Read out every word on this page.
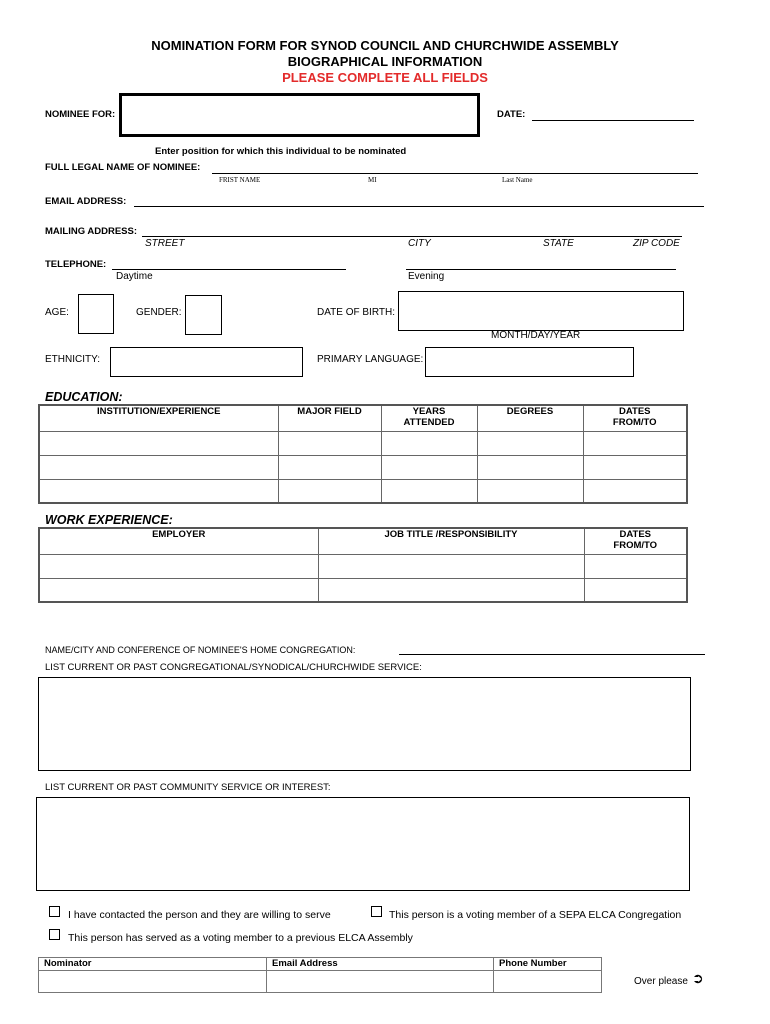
NOMINATION FORM FOR SYNOD COUNCIL AND CHURCHWIDE ASSEMBLY
BIOGRAPHICAL INFORMATION
PLEASE COMPLETE ALL FIELDS
NOMINEE FOR:	DATE:
Enter position for which this individual to be nominated
FULL LEGAL NAME OF NOMINEE:
FRIST NAME	MI	Last Name
EMAIL ADDRESS:
MAILING ADDRESS:
STREET	CITY	STATE	ZIP CODE
TELEPHONE:
Daytime	Evening
AGE:	GENDER:	DATE OF BIRTH:
MONTH/DAY/YEAR
ETHNICITY:	PRIMARY LANGUAGE:
EDUCATION:
INSTITUTION/EXPERIENCE	MAJOR FIELD	YEARS ATTENDED	DEGREES	DATES FROM/TO

WORK EXPERIENCE:
EMPLOYER	JOB TITLE /RESPONSIBILITY	DATES FROM/TO

NAME/CITY AND CONFERENCE OF NOMINEE'S HOME CONGREGATION:
LIST CURRENT OR PAST CONGREGATIONAL/SYNODICAL/CHURCHWIDE SERVICE:
LIST CURRENT OR PAST COMMUNITY SERVICE OR INTEREST:
I have contacted the person and they are willing to serve	This person is a voting member of a SEPA ELCA Congregation
This person has served as a voting member to a previous ELCA Assembly
Nominator	Email Address	Phone Number

Over please ➲
